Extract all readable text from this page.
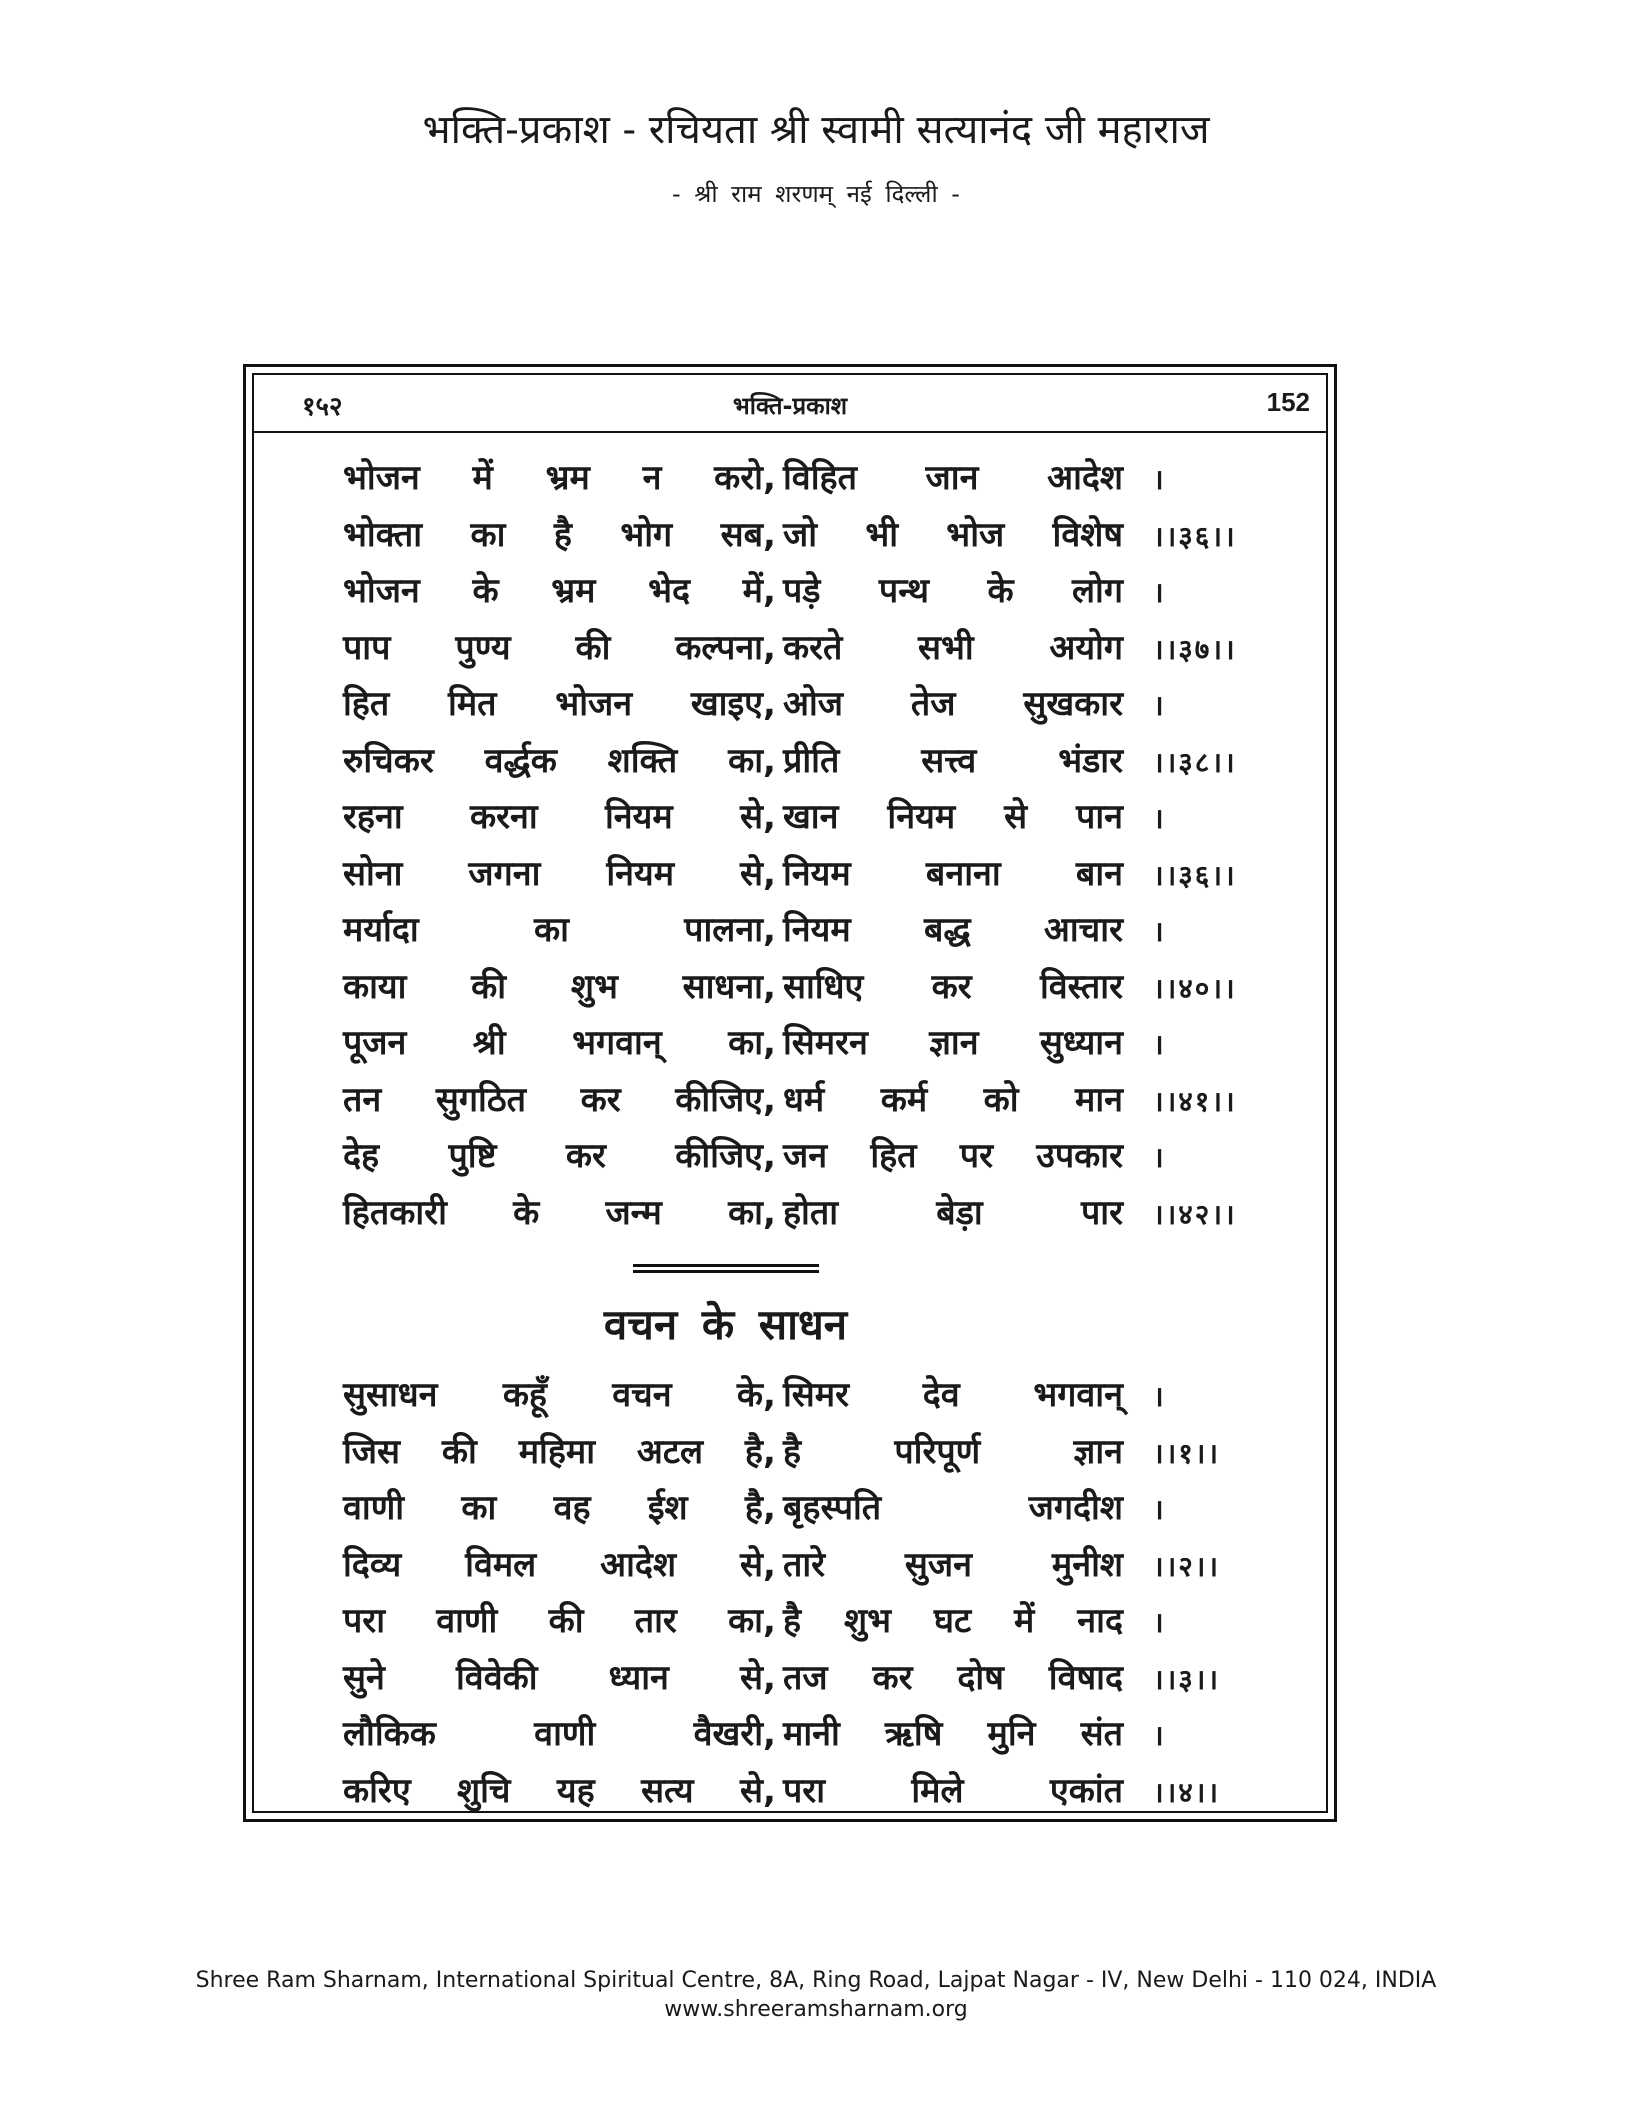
भक्ति-प्रकाश - रचियता श्री स्वामी सत्यानंद जी महाराज
- श्री राम शरणम् नई दिल्ली -
१५२	भक्ति-प्रकाश	152
भोजन में भ्रम न करो , विहित जान आदेश ।
भोक्ता का है भोग सब , जो भी भोज विशेष ।।३६।।
भोजन के भ्रम भेद में , पड़े पन्थ के लोग ।
पाप पुण्य की कल्पना , करते सभी अयोग ।।३७।।
हित मित भोजन खाइए , ओज तेज सुखकार ।
रुचिकर वर्द्धक शक्ति का , प्रीति सत्त्व भंडार ।।३८।।
रहना करना नियम से , खान नियम से पान ।
सोना जगना नियम से , नियम बनाना बान ।।३६।।
मर्यादा का पालना , नियम बद्ध आचार ।
काया की शुभ साधना , साधिए कर विस्तार ।।४०।।
पूजन श्री भगवान् का , सिमरन ज्ञान सुध्यान ।
तन सुगठित कर कीजिए , धर्म कर्म को मान ।।४१।।
देह पुष्टि कर कीजिए , जन हित पर उपकार ।
हितकारी के जन्म का , होता बेड़ा पार ।।४२।।
वचन के साधन
सुसाधन कहूँ वचन के , सिमर देव भगवान् ।
जिस की महिमा अटल है , है परिपूर्ण ज्ञान ।।१।।
वाणी का वह ईश है , बृहस्पति जगदीश ।
दिव्य विमल आदेश से , तारे सुजन मुनीश ।।२।।
परा वाणी की तार का , है शुभ घट में नाद ।
सुने विवेकी ध्यान से , तज कर दोष विषाद ।।३।।
लौकिक वाणी वैखरी , मानी ऋषि मुनि संत ।
करिए शुचि यह सत्य से , परा मिले एकांत ।।४।।
Shree Ram Sharnam, International Spiritual Centre, 8A, Ring Road, Lajpat Nagar - IV, New Delhi - 110 024, INDIA
www.shreeramsharnam.org
